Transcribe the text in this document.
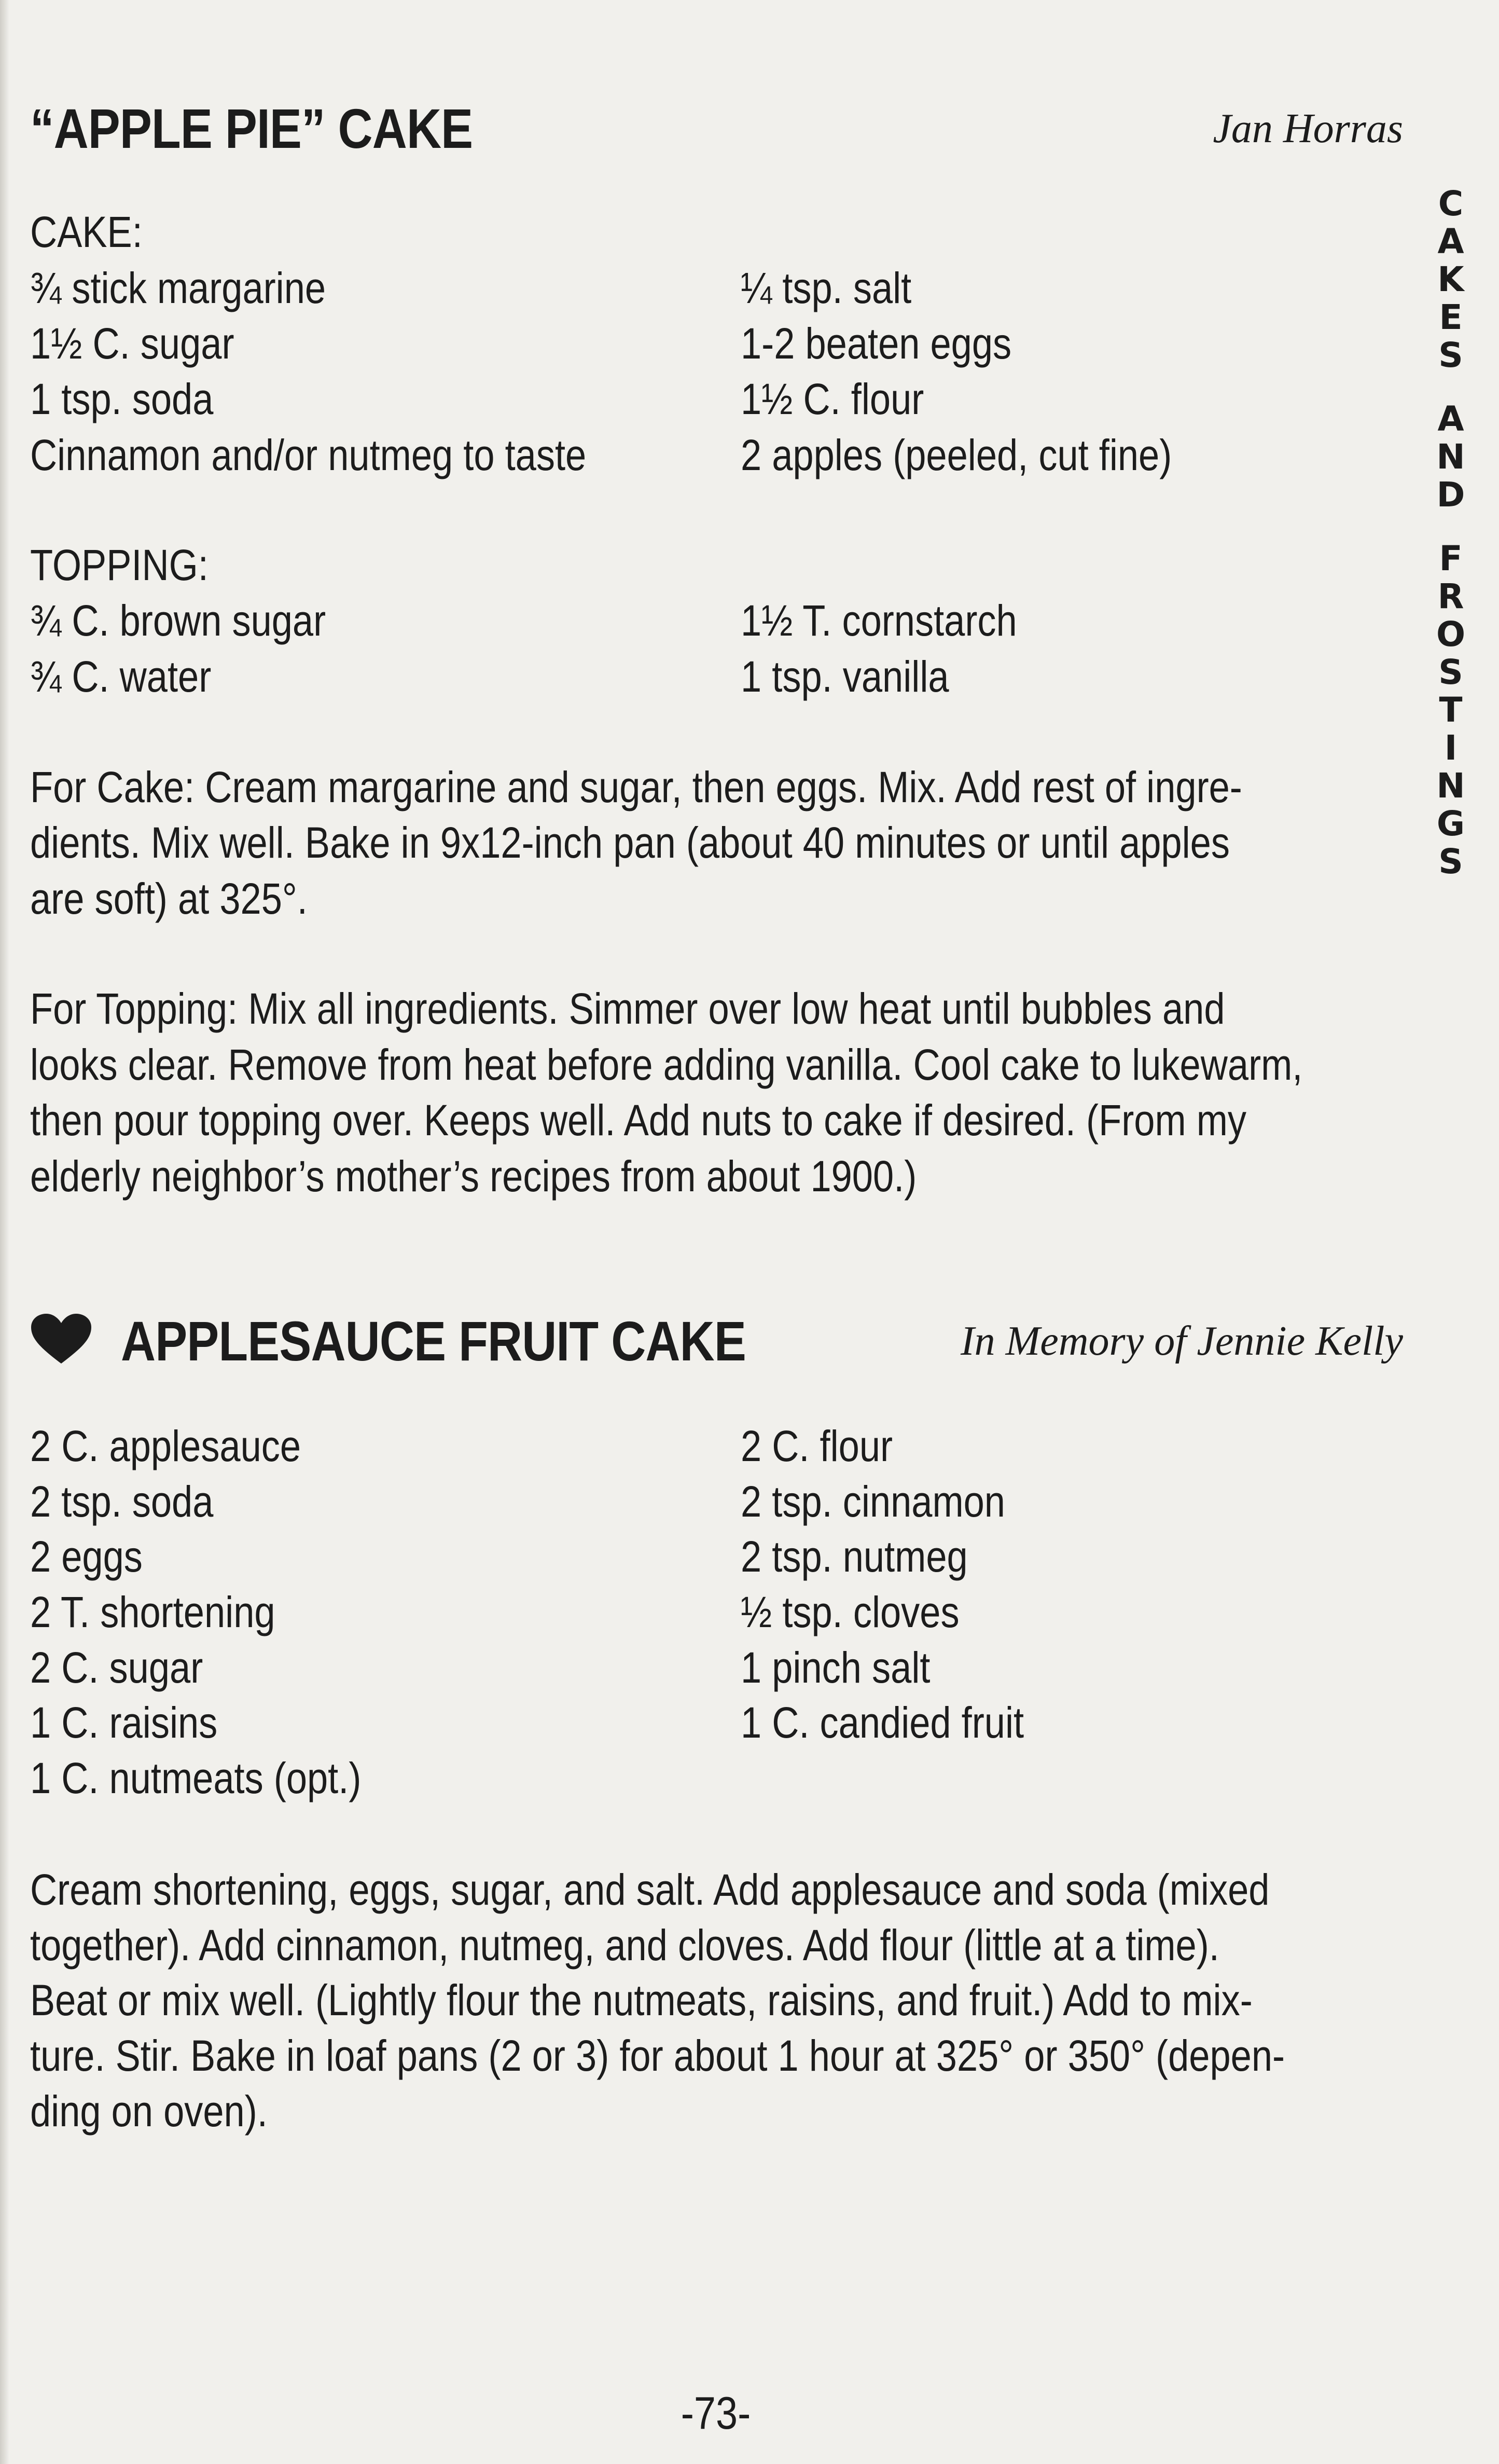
“APPLE PIE” CAKE	Jan Horras
CAKE:
¾ stick margarine
1½ C. sugar
1 tsp. soda
Cinnamon and/or nutmeg to taste
¼ tsp. salt
1-2 beaten eggs
1½ C. flour
2 apples (peeled, cut fine)
TOPPING:
¾ C. brown sugar
¾ C. water
1½ T. cornstarch
1 tsp. vanilla
For Cake: Cream margarine and sugar, then eggs. Mix. Add rest of ingre-
dients. Mix well. Bake in 9x12-inch pan (about 40 minutes or until apples
are soft) at 325°.
For Topping: Mix all ingredients. Simmer over low heat until bubbles and
looks clear. Remove from heat before adding vanilla. Cool cake to lukewarm,
then pour topping over. Keeps well. Add nuts to cake if desired. (From my
elderly neighbor’s mother’s recipes from about 1900.)
APPLESAUCE FRUIT CAKE	In Memory of Jennie Kelly
2 C. applesauce
2 tsp. soda
2 eggs
2 T. shortening
2 C. sugar
1 C. raisins
1 C. nutmeats (opt.)
2 C. flour
2 tsp. cinnamon
2 tsp. nutmeg
½ tsp. cloves
1 pinch salt
1 C. candied fruit
Cream shortening, eggs, sugar, and salt. Add applesauce and soda (mixed
together). Add cinnamon, nutmeg, and cloves. Add flour (little at a time).
Beat or mix well. (Lightly flour the nutmeats, raisins, and fruit.) Add to mix-
ture. Stir. Bake in loaf pans (2 or 3) for about 1 hour at 325° or 350° (depen-
ding on oven).
C
A
K
E
S
A
N
D
F
R
O
S
T
I
N
G
S
-73-
